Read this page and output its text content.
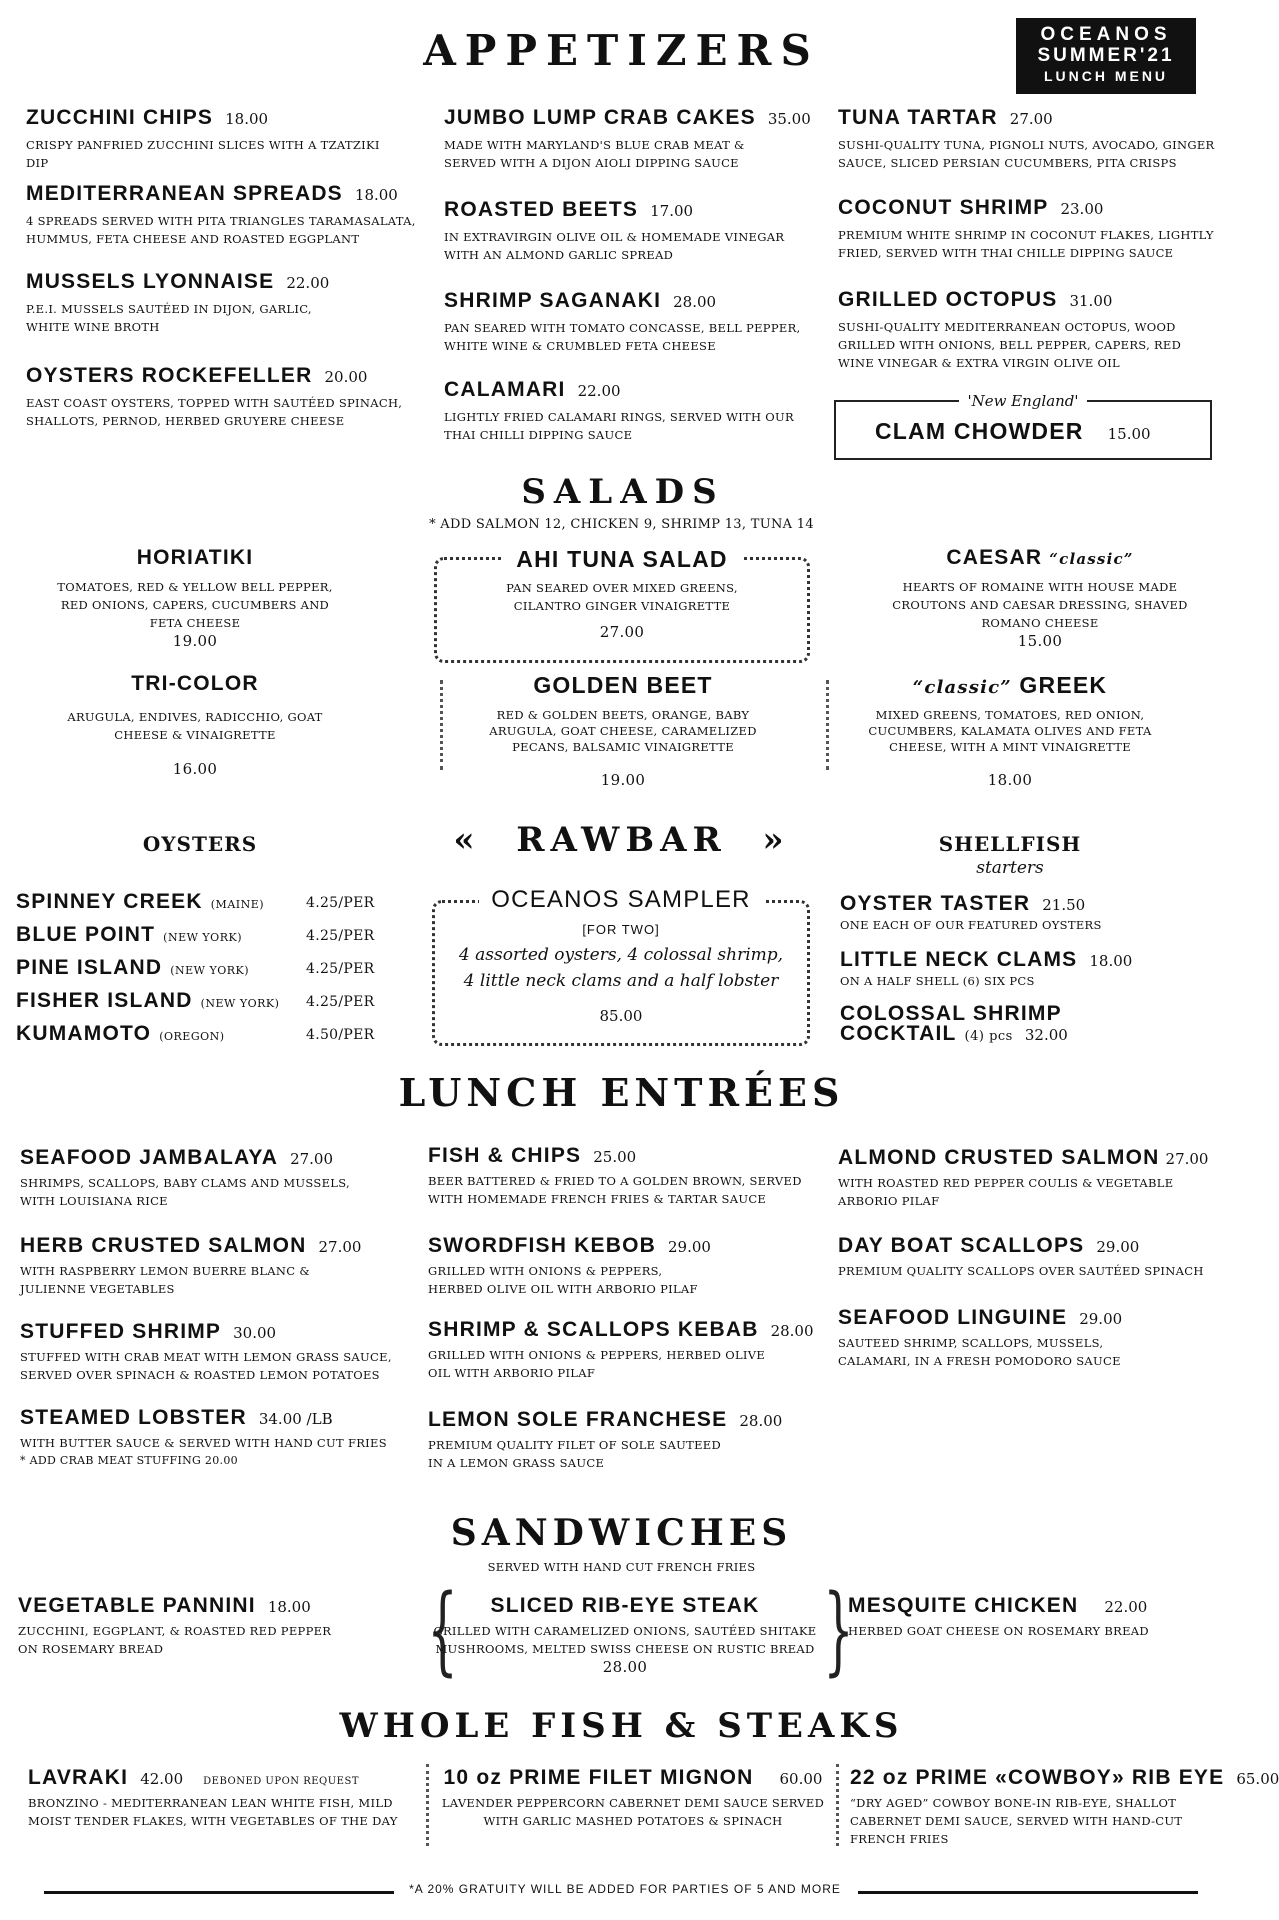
OCEANOS
SUMMER'21
LUNCH MENU
APPETIZERS
ZUCCHINI CHIPS 18.00
CRISPY PANFRIED ZUCCHINI SLICES WITH A TZATZIKI DIP
MEDITERRANEAN SPREADS 18.00
4 SPREADS SERVED WITH PITA TRIANGLES TARAMASALATA, HUMMUS, FETA CHEESE AND ROASTED EGGPLANT
MUSSELS LYONNAISE 22.00
P.E.I. MUSSELS SAUTÉED IN DIJON, GARLIC, WHITE WINE BROTH
OYSTERS ROCKEFELLER 20.00
EAST COAST OYSTERS, TOPPED WITH SAUTÉED SPINACH, SHALLOTS, PERNOD, HERBED GRUYERE CHEESE
JUMBO LUMP CRAB CAKES 35.00
MADE WITH MARYLAND'S BLUE CRAB MEAT & SERVED WITH A DIJON AIOLI DIPPING SAUCE
ROASTED BEETS 17.00
IN EXTRAVIRGIN OLIVE OIL & HOMEMADE VINEGAR WITH AN ALMOND GARLIC SPREAD
SHRIMP SAGANAKI 28.00
PAN SEARED WITH TOMATO CONCASSE, BELL PEPPER, WHITE WINE & CRUMBLED FETA CHEESE
CALAMARI 22.00
LIGHTLY FRIED CALAMARI RINGS, SERVED WITH OUR THAI CHILLI DIPPING SAUCE
TUNA TARTAR 27.00
SUSHI-QUALITY TUNA, PIGNOLI NUTS, AVOCADO, GINGER SAUCE, SLICED PERSIAN CUCUMBERS, PITA CRISPS
COCONUT SHRIMP 23.00
PREMIUM WHITE SHRIMP IN COCONUT FLAKES, LIGHTLY FRIED, SERVED WITH THAI CHILLE DIPPING SAUCE
GRILLED OCTOPUS 31.00
SUSHI-QUALITY MEDITERRANEAN OCTOPUS, WOOD GRILLED WITH ONIONS, BELL PEPPER, CAPERS, RED WINE VINEGAR & EXTRA VIRGIN OLIVE OIL
'New England'
CLAM CHOWDER 15.00
SALADS
* ADD SALMON 12, CHICKEN 9, SHRIMP 13, TUNA 14
HORIATIKI
TOMATOES, RED & YELLOW BELL PEPPER, RED ONIONS, CAPERS, CUCUMBERS AND FETA CHEESE
19.00
AHI TUNA SALAD
PAN SEARED OVER MIXED GREENS, CILANTRO GINGER VINAIGRETTE
27.00
CAESAR “classic”
HEARTS OF ROMAINE WITH HOUSE MADE CROUTONS AND CAESAR DRESSING, SHAVED ROMANO CHEESE
15.00
TRI-COLOR
ARUGULA, ENDIVES, RADICCHIO, GOAT CHEESE & VINAIGRETTE
16.00
GOLDEN BEET
RED & GOLDEN BEETS, ORANGE, BABY ARUGULA, GOAT CHEESE, CARAMELIZED PECANS, BALSAMIC VINAIGRETTE
19.00
“classic” GREEK
MIXED GREENS, TOMATOES, RED ONION, CUCUMBERS, KALAMATA OLIVES AND FETA CHEESE, WITH A MINT VINAIGRETTE
18.00
«  RAWBAR  »
OYSTERS
SPINNEY CREEK (MAINE)	4.25/PER
BLUE POINT (NEW YORK)	4.25/PER
PINE ISLAND (NEW YORK)	4.25/PER
FISHER ISLAND (NEW YORK) 4.25/PER
KUMAMOTO (OREGON)	4.50/PER
OCEANOS SAMPLER
[FOR TWO]
4 assorted oysters, 4 colossal shrimp,
4 little neck clams and a half lobster
85.00
SHELLFISH
starters
OYSTER TASTER 21.50
ONE EACH OF OUR FEATURED OYSTERS
LITTLE NECK CLAMS 18.00
ON A HALF SHELL (6) SIX PCS
COLOSSAL SHRIMP
COCKTAIL (4) pcs 32.00
LUNCH ENTRÉES
SEAFOOD JAMBALAYA 27.00
SHRIMPS, SCALLOPS, BABY CLAMS AND MUSSELS, WITH LOUISIANA RICE
HERB CRUSTED SALMON 27.00
WITH RASPBERRY LEMON BUERRE BLANC & JULIENNE VEGETABLES
STUFFED SHRIMP 30.00
STUFFED WITH CRAB MEAT WITH LEMON GRASS SAUCE, SERVED OVER SPINACH & ROASTED LEMON POTATOES
STEAMED LOBSTER 34.00 /LB
WITH BUTTER SAUCE & SERVED WITH HAND CUT FRIES
* ADD CRAB MEAT STUFFING 20.00
FISH & CHIPS 25.00
BEER BATTERED & FRIED TO A GOLDEN BROWN, SERVED WITH HOMEMADE FRENCH FRIES & TARTAR SAUCE
SWORDFISH KEBOB 29.00
GRILLED WITH ONIONS & PEPPERS, HERBED OLIVE OIL WITH ARBORIO PILAF
SHRIMP & SCALLOPS KEBAB 28.00
GRILLED WITH ONIONS & PEPPERS, HERBED OLIVE OIL WITH ARBORIO PILAF
LEMON SOLE FRANCHESE 28.00
PREMIUM QUALITY FILET OF SOLE SAUTEED IN A LEMON GRASS SAUCE
ALMOND CRUSTED SALMON 27.00
WITH ROASTED RED PEPPER COULIS & VEGETABLE ARBORIO PILAF
DAY BOAT SCALLOPS 29.00
PREMIUM QUALITY SCALLOPS OVER SAUTÉED SPINACH
SEAFOOD LINGUINE 29.00
SAUTEED SHRIMP, SCALLOPS, MUSSELS, CALAMARI, IN A FRESH POMODORO SAUCE
SANDWICHES
SERVED WITH HAND CUT FRENCH FRIES
VEGETABLE PANNINI 18.00
ZUCCHINI, EGGPLANT, & ROASTED RED PEPPER ON ROSEMARY BREAD	{	}
SLICED RIB-EYE STEAK
GRILLED WITH CARAMELIZED ONIONS, SAUTÉED SHITAKE MUSHROOMS, MELTED SWISS CHEESE ON RUSTIC BREAD
28.00
MESQUITE CHICKEN 22.00
HERBED GOAT CHEESE ON ROSEMARY BREAD
WHOLE FISH & STEAKS
LAVRAKI 42.00 DEBONED UPON REQUEST
BRONZINO - MEDITERRANEAN LEAN WHITE FISH, MILD MOIST TENDER FLAKES, WITH VEGETABLES OF THE DAY
10 oz PRIME FILET MIGNON 60.00
LAVENDER PEPPERCORN CABERNET DEMI SAUCE SERVED WITH GARLIC MASHED POTATOES & SPINACH
22 oz PRIME «COWBOY» RIB EYE 65.00
“DRY AGED” COWBOY BONE-IN RIB-EYE, SHALLOT CABERNET DEMI SAUCE, SERVED WITH HAND-CUT FRENCH FRIES
*A 20% GRATUITY WILL BE ADDED FOR PARTIES OF 5 AND MORE
